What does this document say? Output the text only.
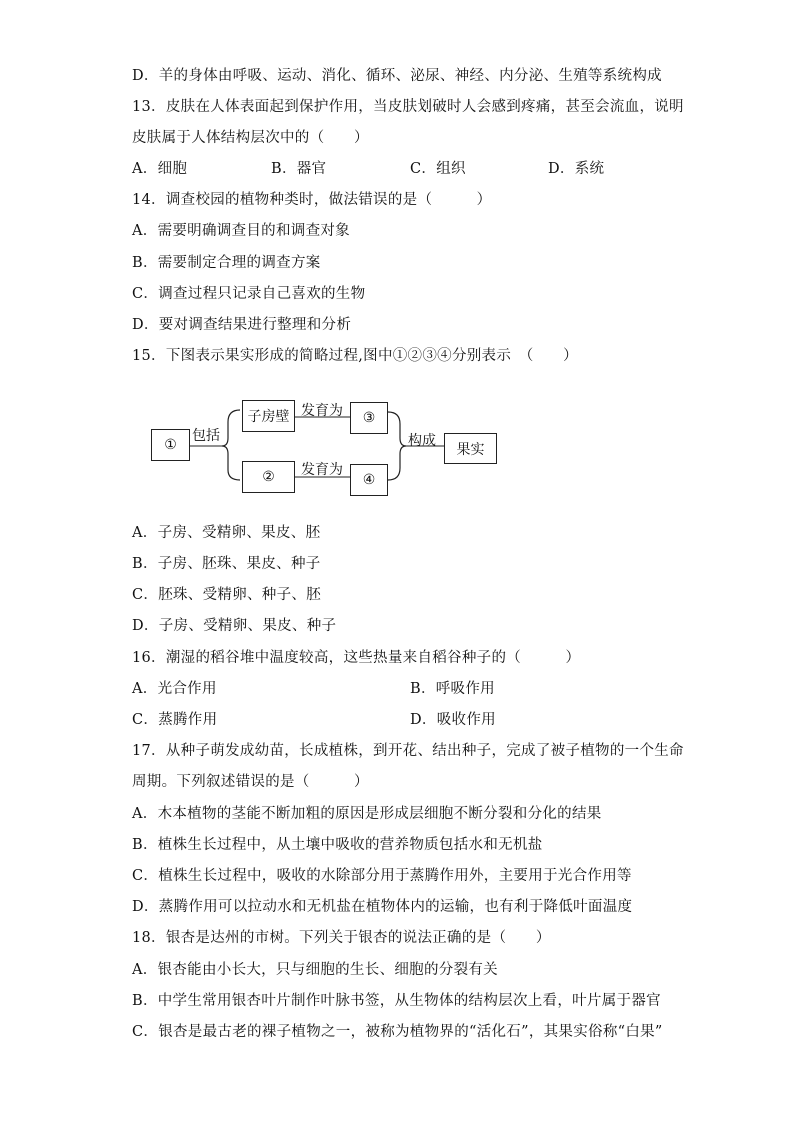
D．羊的身体由呼吸、运动、消化、循环、泌尿、神经、内分泌、生殖等系统构成
13．皮肤在人体表面起到保护作用，当皮肤划破时人会感到疼痛，甚至会流血，说明
皮肤属于人体结构层次中的（　　）
A．细胞	B．器官	C．组织	D．系统
14．调查校园的植物种类时，做法错误的是（　　　）
A．需要明确调查目的和调查对象
B．需要制定合理的调查方案
C．调查过程只记录自己喜欢的生物
D．要对调查结果进行整理和分析
15．下图表示果实形成的简略过程,图中①②③④分别表示　（　　）
①
包括
子房壁 发育为 ③
② 发育为
④
构成
果实
A．子房、受精卵、果皮、胚
B．子房、胚珠、果皮、种子
C．胚珠、受精卵、种子、胚
D．子房、受精卵、果皮、种子
16．潮湿的稻谷堆中温度较高，这些热量来自稻谷种子的（　　　）
A．光合作用	B．呼吸作用
C．蒸腾作用	D．吸收作用
17．从种子萌发成幼苗，长成植株，到开花、结出种子，完成了被子植物的一个生命
周期。下列叙述错误的是（　　　）
A．木本植物的茎能不断加粗的原因是形成层细胞不断分裂和分化的结果
B．植株生长过程中，从土壤中吸收的营养物质包括水和无机盐
C．植株生长过程中，吸收的水除部分用于蒸腾作用外，主要用于光合作用等
D．蒸腾作用可以拉动水和无机盐在植物体内的运输，也有利于降低叶面温度
18．银杏是达州的市树。下列关于银杏的说法正确的是（　　）
A．银杏能由小长大，只与细胞的生长、细胞的分裂有关
B．中学生常用银杏叶片制作叶脉书签，从生物体的结构层次上看，叶片属于器官
C．银杏是最古老的裸子植物之一，被称为植物界的“活化石”，其果实俗称“白果”
